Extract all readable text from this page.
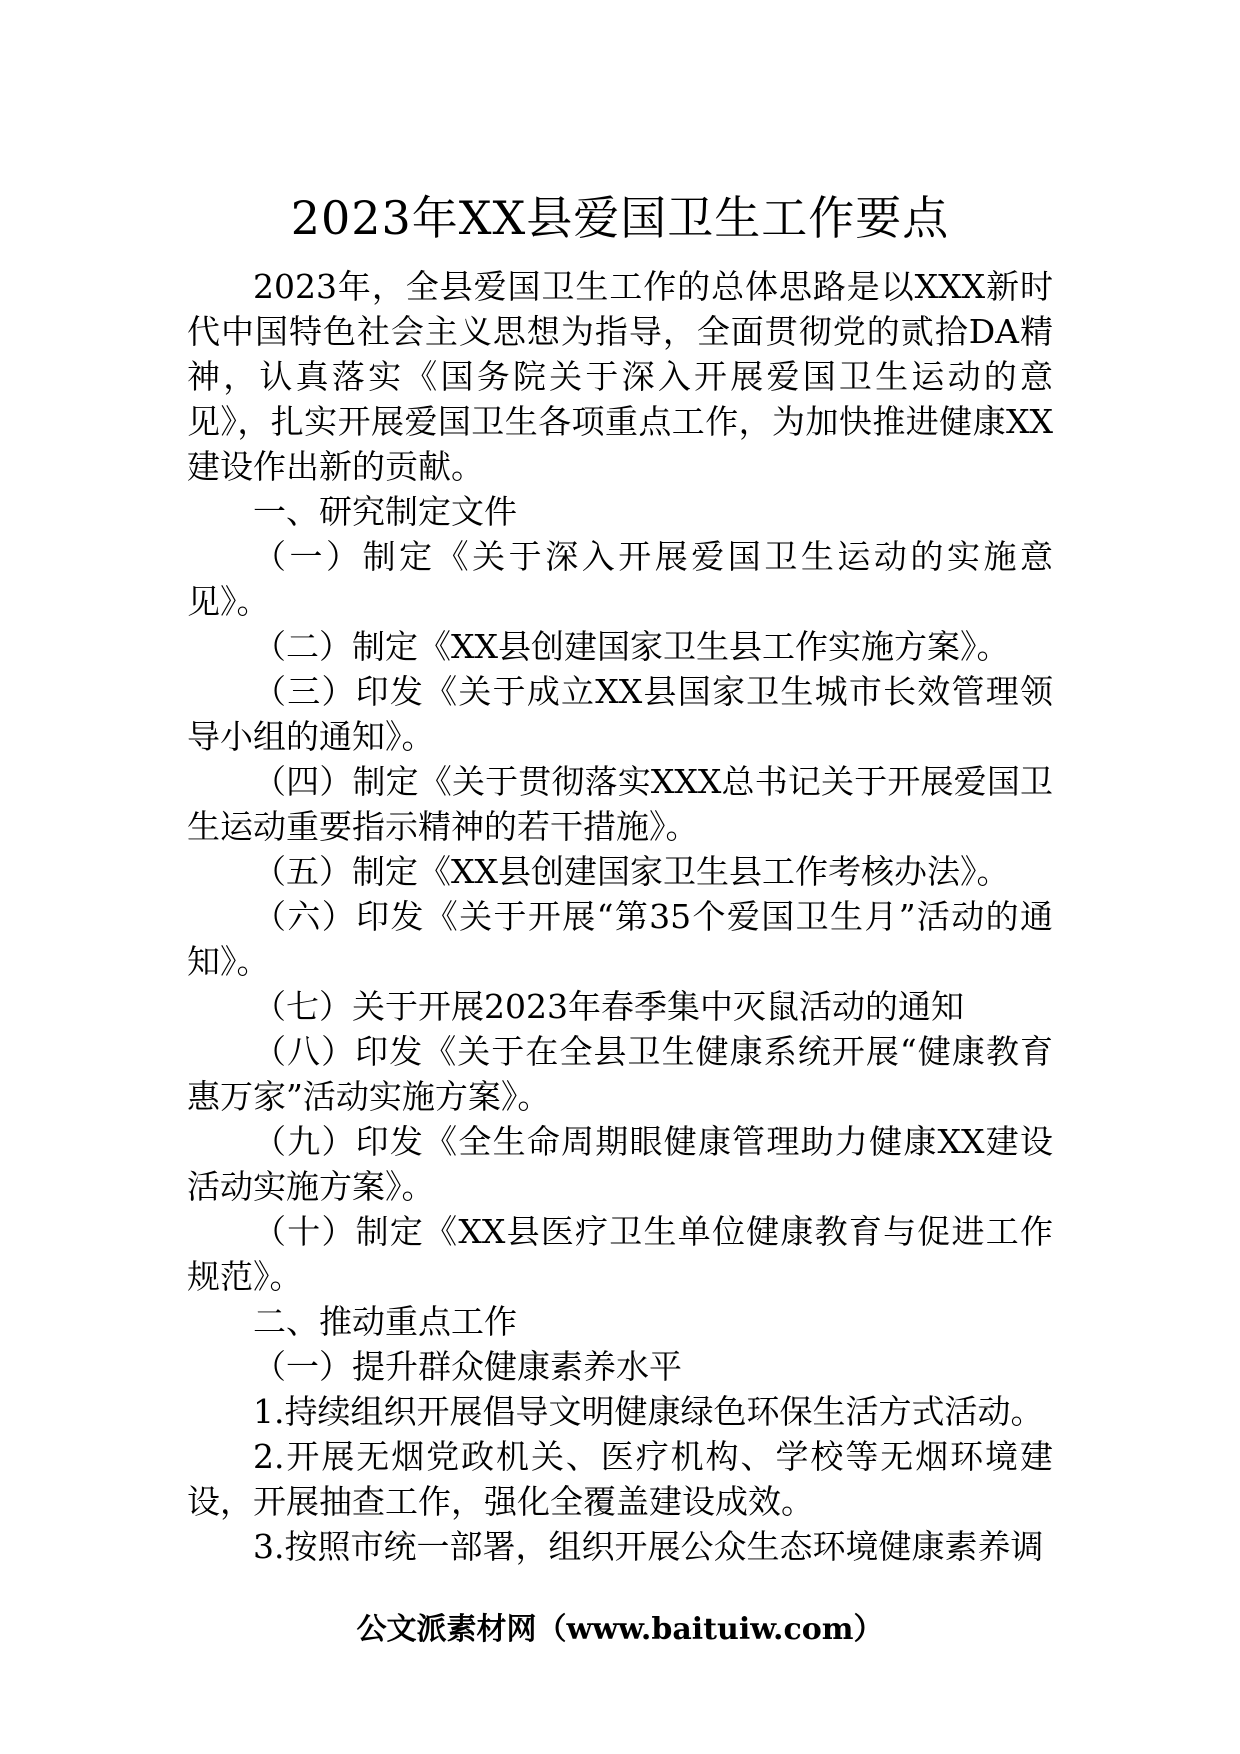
2023年XX县爱国卫生工作要点

2023年，全县爱国卫生工作的总体思路是以XXX新时代中国特色社会主义思想为指导，全面贯彻党的贰拾DA精神，认真落实《国务院关于深入开展爱国卫生运动的意见》，扎实开展爱国卫生各项重点工作，为加快推进健康XX建设作出新的贡献。

一、研究制定文件

（一）制定《关于深入开展爱国卫生运动的实施意见》。

（二）制定《XX县创建国家卫生县工作实施方案》。

（三）印发《关于成立XX县国家卫生城市长效管理领导小组的通知》。

（四）制定《关于贯彻落实XXX总书记关于开展爱国卫生运动重要指示精神的若干措施》。

（五）制定《XX县创建国家卫生县工作考核办法》。

（六）印发《关于开展“第35个爱国卫生月”活动的通知》。

（七）关于开展2023年春季集中灭鼠活动的通知

（八）印发《关于在全县卫生健康系统开展“健康教育惠万家”活动实施方案》。

（九）印发《全生命周期眼健康管理助力健康XX建设活动实施方案》。

（十）制定《XX县医疗卫生单位健康教育与促进工作规范》。

二、推动重点工作

（一）提升群众健康素养水平

1.持续组织开展倡导文明健康绿色环保生活方式活动。

2.开展无烟党政机关、医疗机构、学校等无烟环境建设，开展抽查工作，强化全覆盖建设成效。

3.按照市统一部署，组织开展公众生态环境健康素养调

公文派素材网（www.baituiw.com）
